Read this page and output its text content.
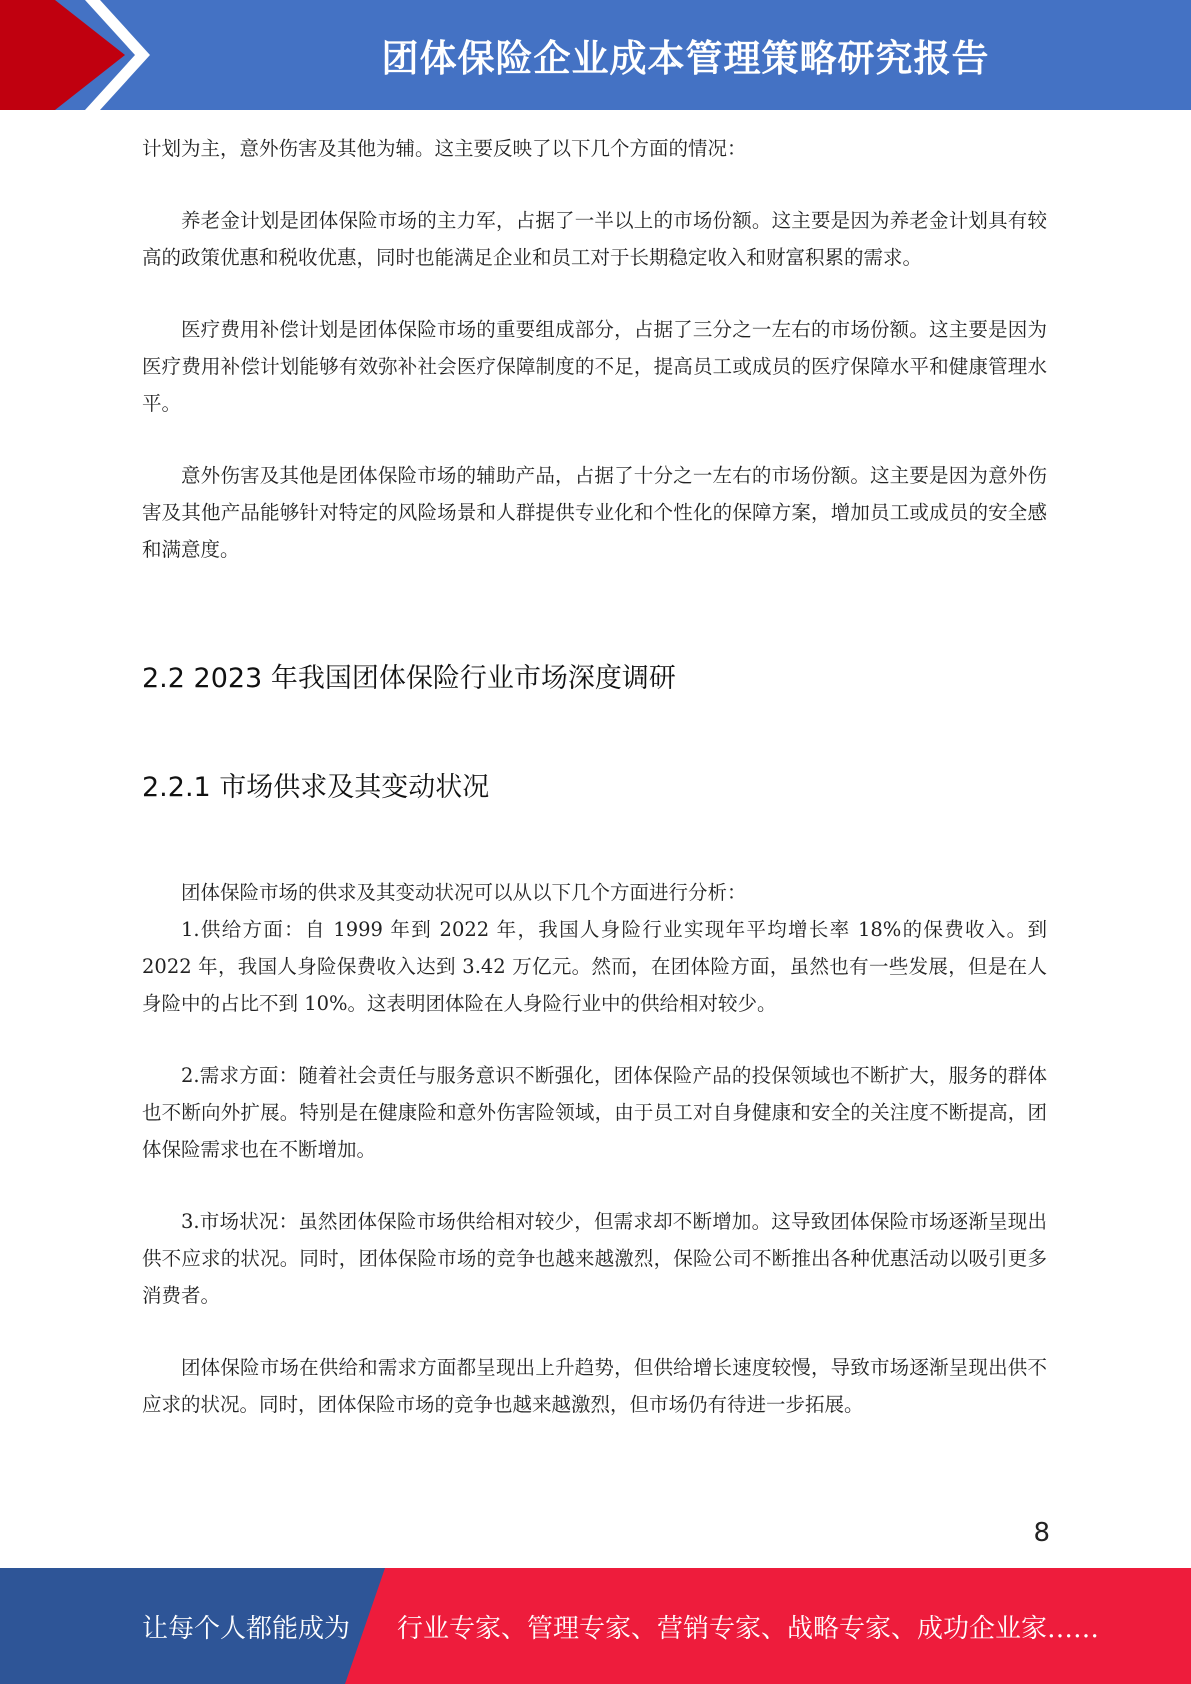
团体保险企业成本管理策略研究报告

计划为主，意外伤害及其他为辅。这主要反映了以下几个方面的情况：

养老金计划是团体保险市场的主力军，占据了一半以上的市场份额。这主要是因为养老金计划具有较高的政策优惠和税收优惠，同时也能满足企业和员工对于长期稳定收入和财富积累的需求。

医疗费用补偿计划是团体保险市场的重要组成部分，占据了三分之一左右的市场份额。这主要是因为医疗费用补偿计划能够有效弥补社会医疗保障制度的不足，提高员工或成员的医疗保障水平和健康管理水平。

意外伤害及其他是团体保险市场的辅助产品，占据了十分之一左右的市场份额。这主要是因为意外伤害及其他产品能够针对特定的风险场景和人群提供专业化和个性化的保障方案，增加员工或成员的安全感和满意度。

2.2 2023 年我国团体保险行业市场深度调研
2.2.1 市场供求及其变动状况

团体保险市场的供求及其变动状况可以从以下几个方面进行分析：

1.供给方面：自 1999 年到 2022 年，我国人身险行业实现年平均增长率 18%的保费收入。到 2022 年，我国人身险保费收入达到 3.42 万亿元。然而，在团体险方面，虽然也有一些发展，但是在人身险中的占比不到 10%。这表明团体险在人身险行业中的供给相对较少。

2.需求方面：随着社会责任与服务意识不断强化，团体保险产品的投保领域也不断扩大，服务的群体也不断向外扩展。特别是在健康险和意外伤害险领域，由于员工对自身健康和安全的关注度不断提高，团体保险需求也在不断增加。

3.市场状况：虽然团体保险市场供给相对较少，但需求却不断增加。这导致团体保险市场逐渐呈现出供不应求的状况。同时，团体保险市场的竞争也越来越激烈，保险公司不断推出各种优惠活动以吸引更多消费者。

团体保险市场在供给和需求方面都呈现出上升趋势，但供给增长速度较慢，导致市场逐渐呈现出供不应求的状况。同时，团体保险市场的竞争也越来越激烈，但市场仍有待进一步拓展。

8
让每个人都能成为	行业专家、管理专家、营销专家、战略专家、成功企业家……
